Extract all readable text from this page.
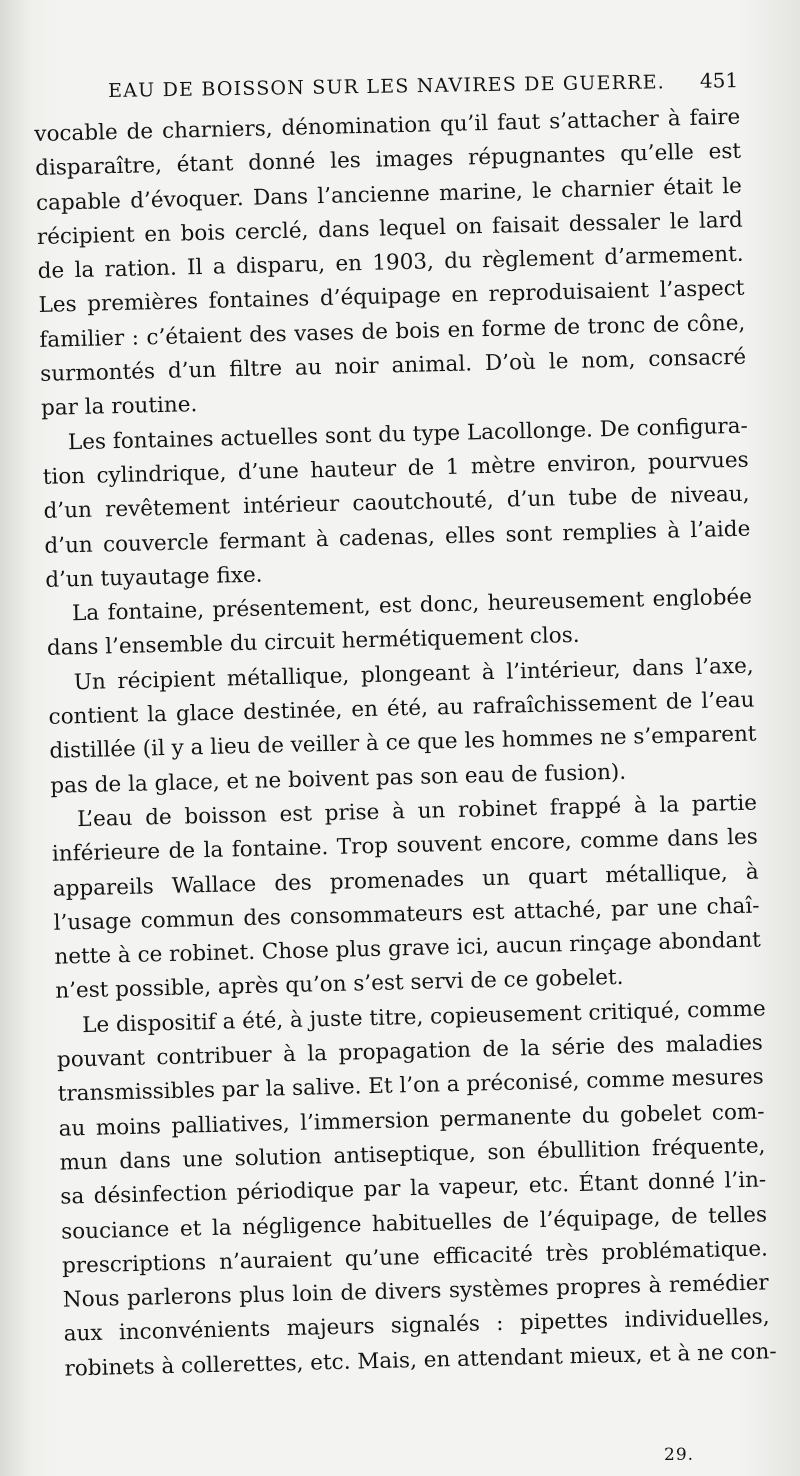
EAU DE BOISSON SUR LES NAVIRES DE GUERRE. 451
vocable de charniers, dénomination qu’il faut s’attacher à faire
disparaître, étant donné les images répugnantes qu’elle est
capable d’évoquer. Dans l’ancienne marine, le charnier était le
récipient en bois cerclé, dans lequel on faisait dessaler le lard
de la ration. Il a disparu, en 1903, du règlement d’armement.
Les premières fontaines d’équipage en reproduisaient l’aspect
familier : c’étaient des vases de bois en forme de tronc de cône,
surmontés d’un filtre au noir animal. D’où le nom, consacré
par la routine.
Les fontaines actuelles sont du type Lacollonge. De configura-
tion cylindrique, d’une hauteur de 1 mètre environ, pourvues
d’un revêtement intérieur caoutchouté, d’un tube de niveau,
d’un couvercle fermant à cadenas, elles sont remplies à l’aide
d’un tuyautage fixe.
La fontaine, présentement, est donc, heureusement englobée
dans l’ensemble du circuit hermétiquement clos.
Un récipient métallique, plongeant à l’intérieur, dans l’axe,
contient la glace destinée, en été, au rafraîchissement de l’eau
distillée (il y a lieu de veiller à ce que les hommes ne s’emparent
pas de la glace, et ne boivent pas son eau de fusion).
L’eau de boisson est prise à un robinet frappé à la partie
inférieure de la fontaine. Trop souvent encore, comme dans les
appareils Wallace des promenades un quart métallique, à
l’usage commun des consommateurs est attaché, par une chaî-
nette à ce robinet. Chose plus grave ici, aucun rinçage abondant
n’est possible, après qu’on s’est servi de ce gobelet.
Le dispositif a été, à juste titre, copieusement critiqué, comme
pouvant contribuer à la propagation de la série des maladies
transmissibles par la salive. Et l’on a préconisé, comme mesures
au moins palliatives, l’immersion permanente du gobelet com-
mun dans une solution antiseptique, son ébullition fréquente,
sa désinfection périodique par la vapeur, etc. Étant donné l’in-
souciance et la négligence habituelles de l’équipage, de telles
prescriptions n’auraient qu’une efficacité très problématique.
Nous parlerons plus loin de divers systèmes propres à remédier
aux inconvénients majeurs signalés : pipettes individuelles,
robinets à collerettes, etc. Mais, en attendant mieux, et à ne con-
29.
